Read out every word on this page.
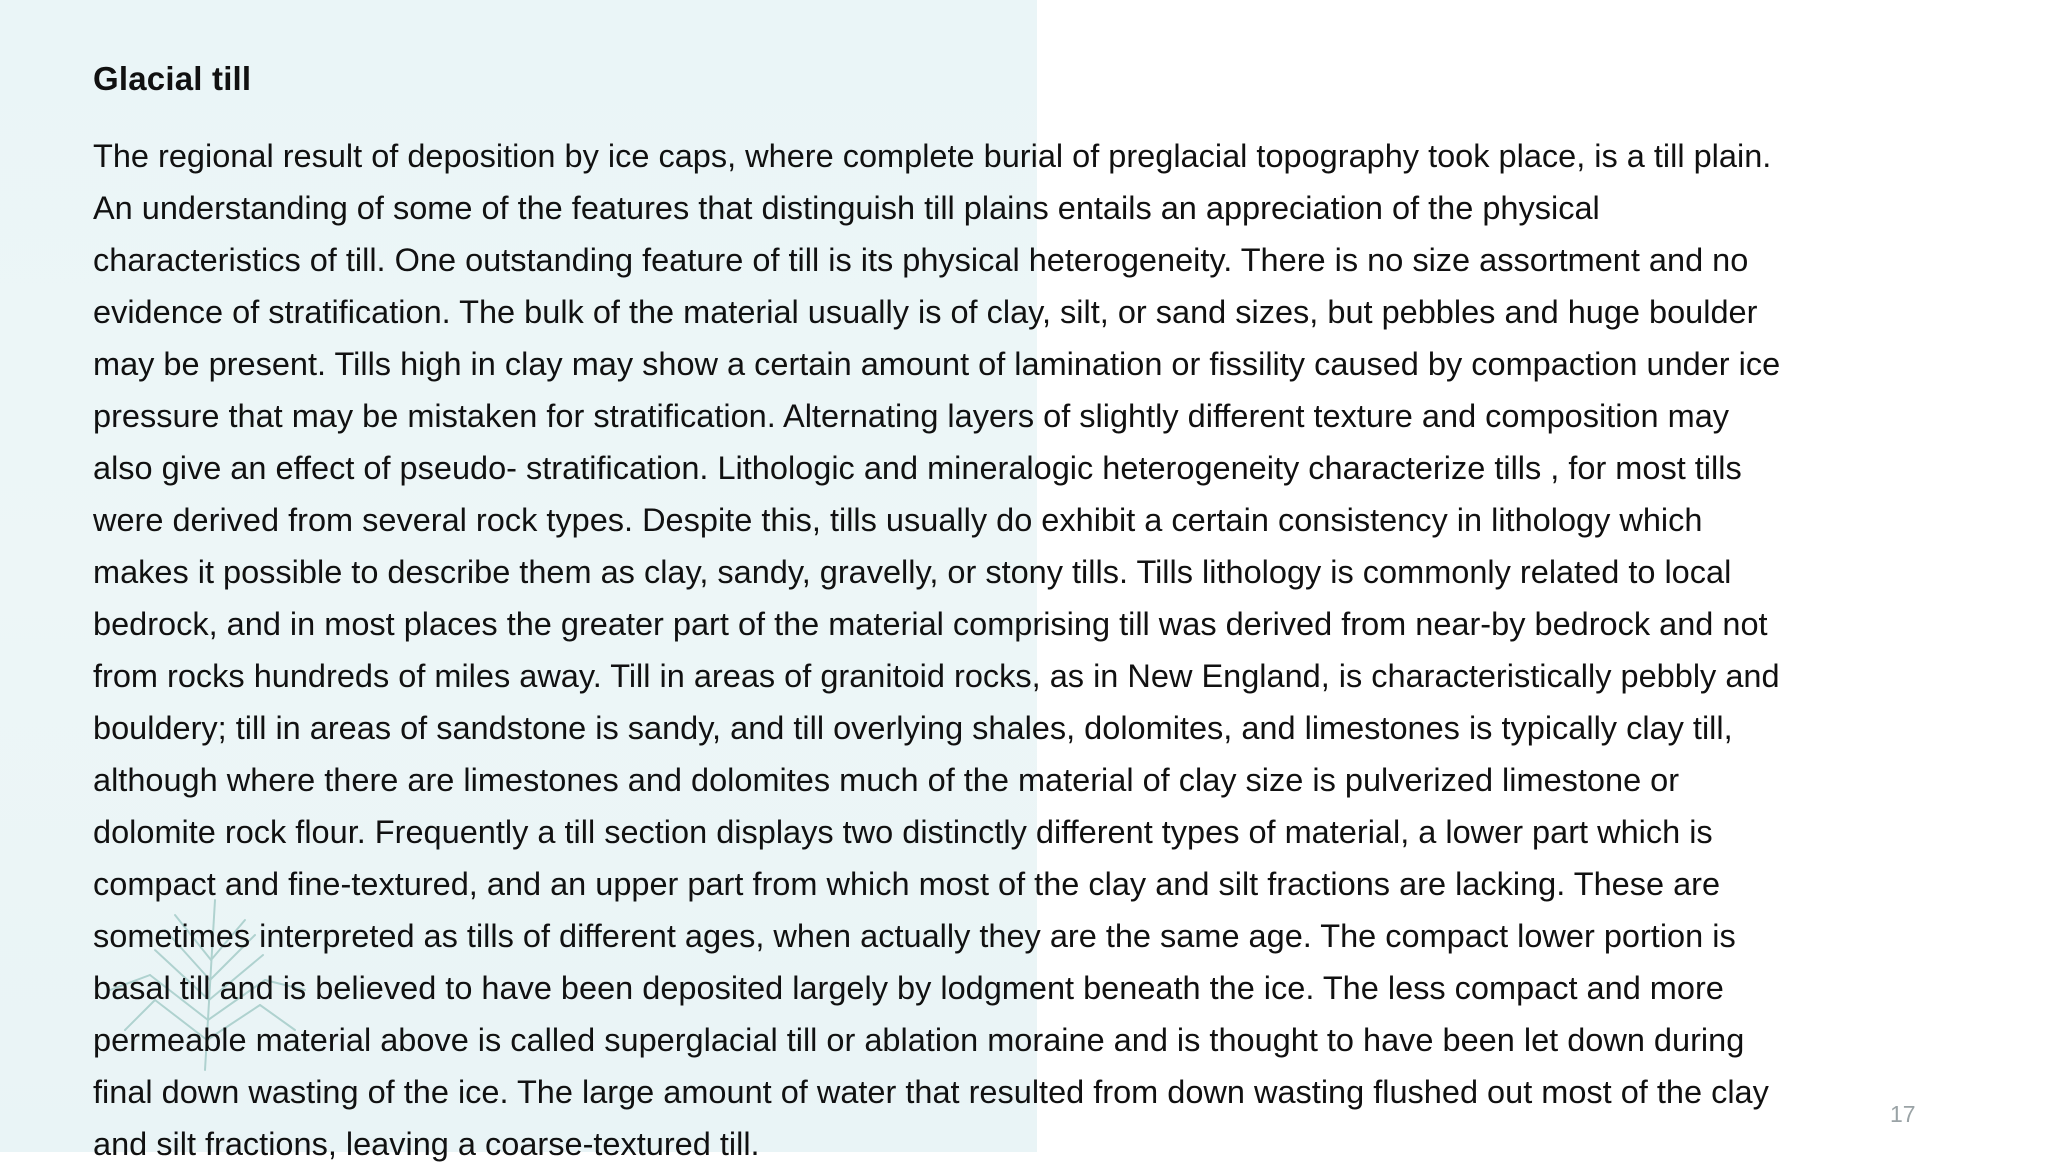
Glacial till
The regional result of deposition by ice caps, where complete burial of preglacial topography took place, is a till plain.
An understanding of some of the features that distinguish till plains entails an appreciation of the physical
characteristics of till. One outstanding feature of till is its physical heterogeneity. There is no size assortment and no
evidence of stratification. The bulk of the material usually is of clay, silt, or sand sizes, but pebbles and huge boulder
may be present. Tills high in clay may show a certain amount of lamination or fissility caused by compaction under ice
pressure that may be mistaken for stratification. Alternating layers of slightly different texture and composition may
also give an effect of pseudo- stratification. Lithologic and mineralogic heterogeneity characterize tills , for most tills
were derived from several rock types. Despite this, tills usually do exhibit a certain consistency in lithology which
makes it possible to describe them as clay, sandy, gravelly, or stony tills. Tills lithology is commonly related to local
bedrock, and in most places the greater part of the material comprising till was derived from near-by bedrock and not
from rocks hundreds of miles away. Till in areas of granitoid rocks, as in New England, is characteristically pebbly and
bouldery; till in areas of sandstone is sandy, and till overlying shales, dolomites, and limestones is typically clay till,
although where there are limestones and dolomites much of the material of clay size is pulverized limestone or
dolomite rock flour. Frequently a till section displays two distinctly different types of material, a lower part which is
compact and fine-textured, and an upper part from which most of the clay and silt fractions are lacking. These are
sometimes interpreted as tills of different ages, when actually they are the same age. The compact lower portion is
basal till and is believed to have been deposited largely by lodgment beneath the ice. The less compact and more
permeable material above is called superglacial till or ablation moraine and is thought to have been let down during
final down wasting of the ice. The large amount of water that resulted from down wasting flushed out most of the clay
and silt fractions, leaving a coarse-textured till.
17
